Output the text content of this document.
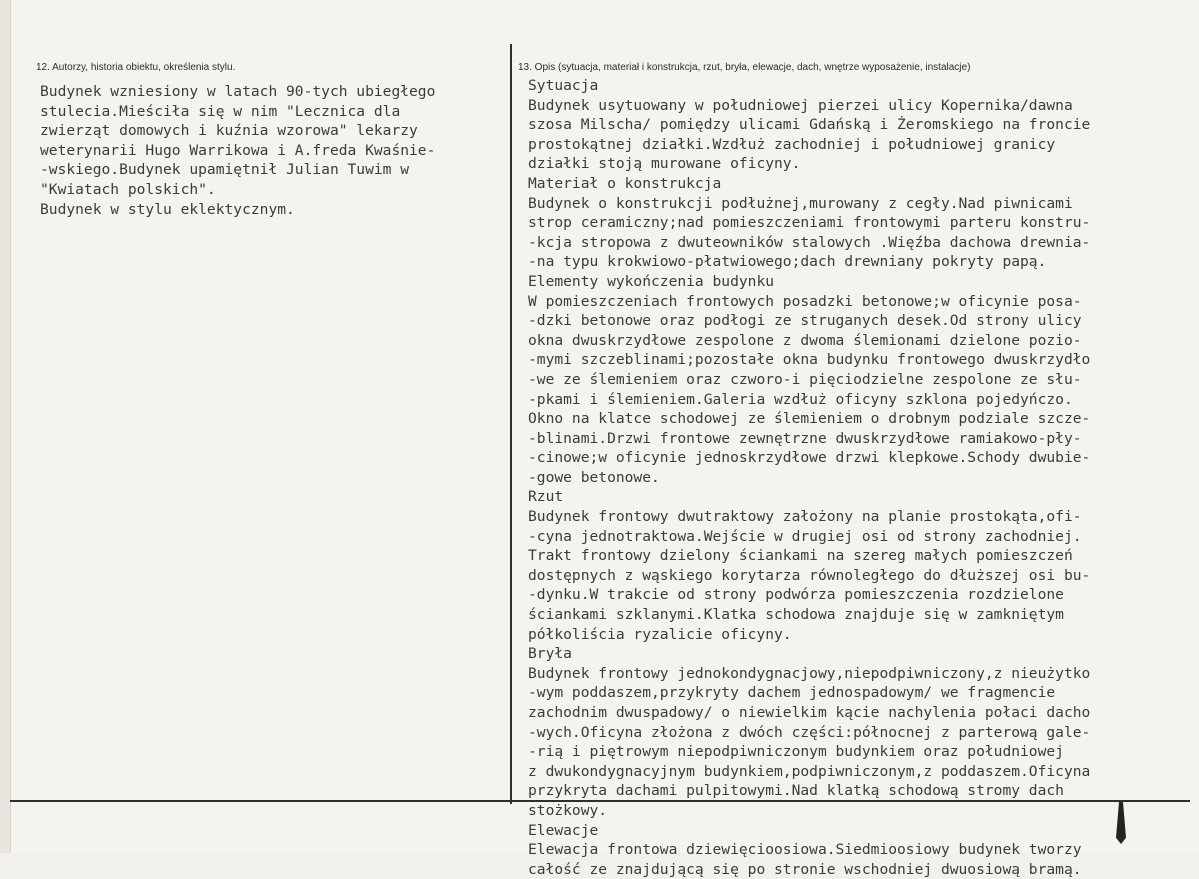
12. Autorzy, historia obiektu, określenia stylu.	13. Opis (sytuacja, materiał i konstrukcja, rzut, bryła, elewacje, dach, wnętrze wyposażenie, instalacje)
Budynek wzniesiony w latach 90-tych ubiegłego
stulecia.Mieściła się w nim "Lecznica dla
zwierząt domowych i kuźnia wzorowa" lekarzy
weterynarii Hugo Warrikowa i A.freda Kwaśnie-
-wskiego.Budynek upamiętnił Julian Tuwim w
"Kwiatach polskich".
Budynek w stylu eklektycznym.
Sytuacja
Budynek usytuowany w południowej pierzei ulicy Kopernika/dawna
szosa Milscha/ pomiędzy ulicami Gdańską i Żeromskiego na froncie
prostokątnej działki.Wzdłuż zachodniej i południowej granicy
działki stoją murowane oficyny.
Materiał o konstrukcja
Budynek o konstrukcji podłużnej,murowany z cegły.Nad piwnicami
strop ceramiczny;nad pomieszczeniami frontowymi parteru konstru-
-kcja stropowa z dwuteowników stalowych .Więźba dachowa drewnia-
-na typu krokwiowo-płatwiowego;dach drewniany pokryty papą.
Elementy wykończenia budynku
W pomieszczeniach frontowych posadzki betonowe;w oficynie posa-
-dzki betonowe oraz podłogi ze struganych desek.Od strony ulicy
okna dwuskrzydłowe zespolone z dwoma ślemionami dzielone pozio-
-mymi szczeblinami;pozostałe okna budynku frontowego dwuskrzydło
-we ze ślemieniem oraz czworo-i pięciodzielne zespolone ze słu-
-pkami i ślemieniem.Galeria wzdłuż oficyny szklona pojedyńczo.
Okno na klatce schodowej ze ślemieniem o drobnym podziale szcze-
-blinami.Drzwi frontowe zewnętrzne dwuskrzydłowe ramiakowo-pły-
-cinowe;w oficynie jednoskrzydłowe drzwi klepkowe.Schody dwubie-
-gowe betonowe.
Rzut
Budynek frontowy dwutraktowy założony na planie prostokąta,ofi-
-cyna jednotraktowa.Wejście w drugiej osi od strony zachodniej.
Trakt frontowy dzielony ściankami na szereg małych pomieszczeń
dostępnych z wąskiego korytarza równoległego do dłuższej osi bu-
-dynku.W trakcie od strony podwórza pomieszczenia rozdzielone
ściankami szklanymi.Klatka schodowa znajduje się w zamkniętym
półkoliścia ryzalicie oficyny.
Bryła
Budynek frontowy jednokondygnacjowy,niepodpiwniczony,z nieużytko
-wym poddaszem,przykryty dachem jednospadowym/ we fragmencie
zachodnim dwuspadowy/ o niewielkim kącie nachylenia połaci dacho
-wych.Oficyna złożona z dwóch części:północnej z parterową gale-
-rią i piętrowym niepodpiwniczonym budynkiem oraz południowej
z dwukondygnacyjnym budynkiem,podpiwniczonym,z poddaszem.Oficyna
przykryta dachami pulpitowymi.Nad klatką schodową stromy dach
stożkowy.
Elewacje
Elewacja frontowa dziewięcioosiowa.Siedmioosiowy budynek tworzy
całość ze znajdującą się po stronie wschodniej dwuosiową bramą.
